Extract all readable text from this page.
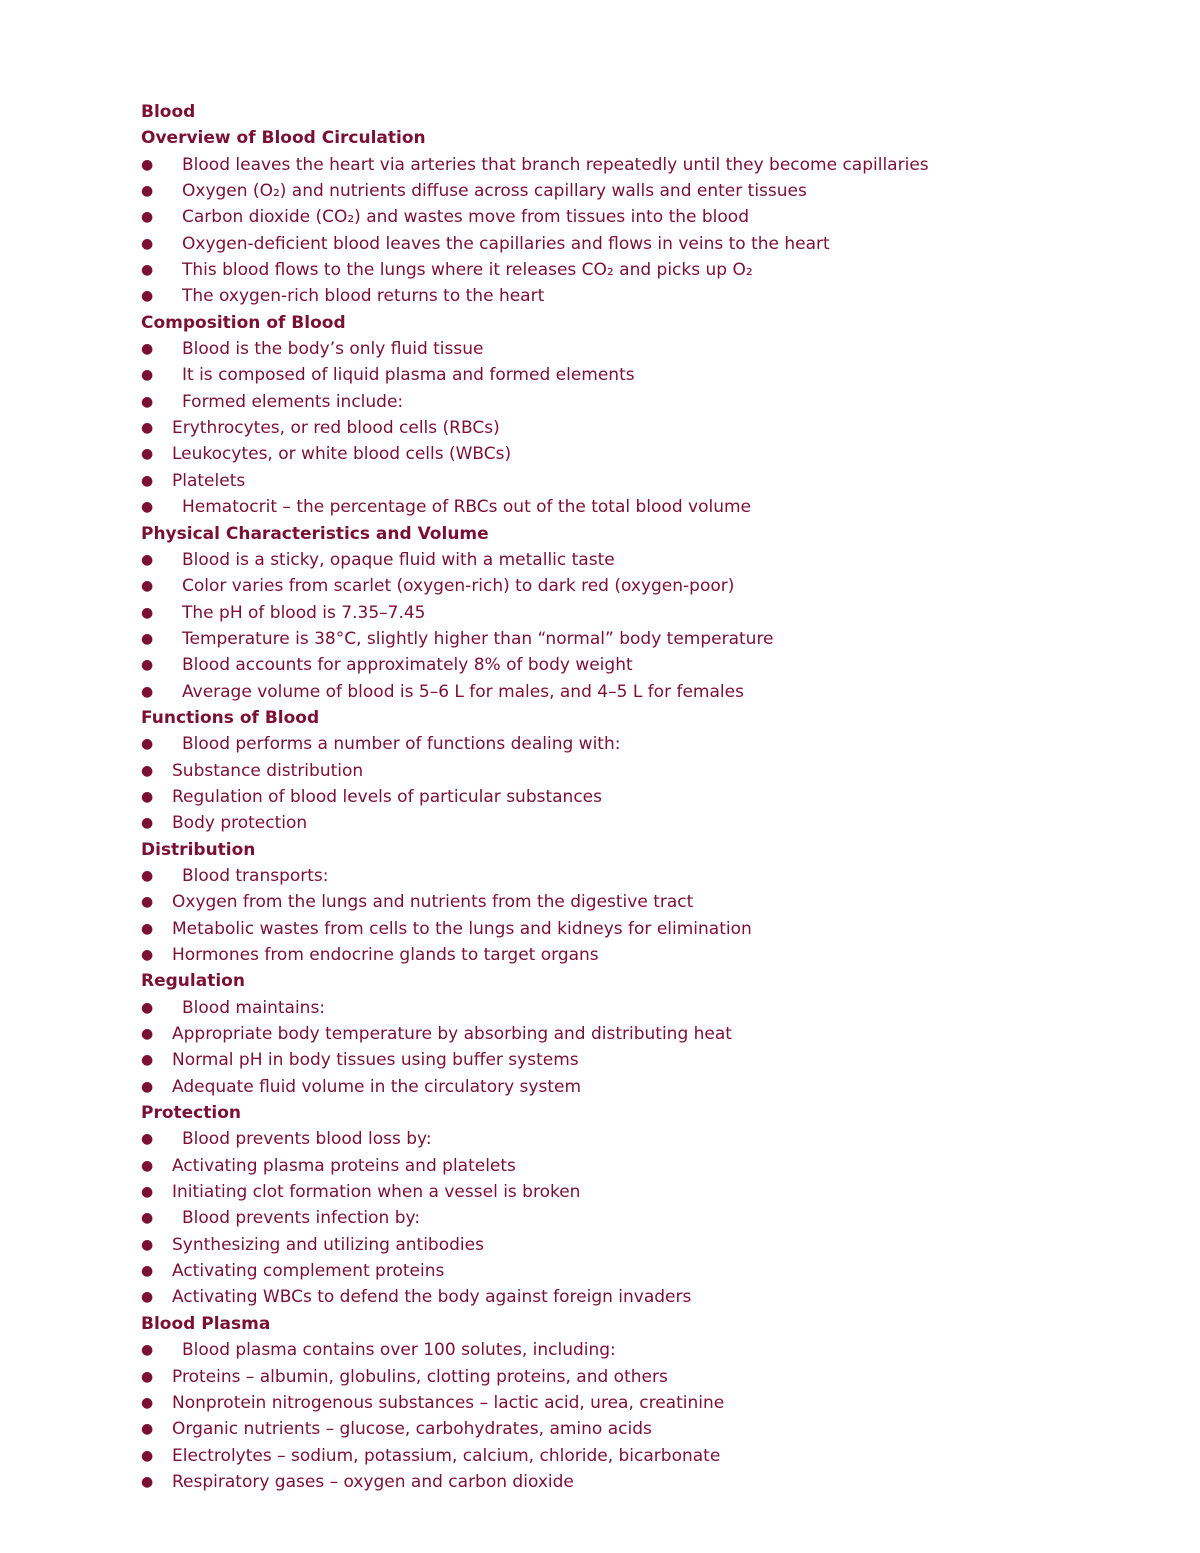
Blood
Overview of Blood Circulation
● Blood leaves the heart via arteries that branch repeatedly until they become capillaries
● Oxygen (O₂) and nutrients diffuse across capillary walls and enter tissues
● Carbon dioxide (CO₂) and wastes move from tissues into the blood
● Oxygen-deficient blood leaves the capillaries and flows in veins to the heart
● This blood flows to the lungs where it releases CO₂ and picks up O₂
● The oxygen-rich blood returns to the heart
Composition of Blood
● Blood is the body’s only fluid tissue
● It is composed of liquid plasma and formed elements
● Formed elements include:
● Erythrocytes, or red blood cells (RBCs)
● Leukocytes, or white blood cells (WBCs)
● Platelets
● Hematocrit – the percentage of RBCs out of the total blood volume
Physical Characteristics and Volume
● Blood is a sticky, opaque fluid with a metallic taste
● Color varies from scarlet (oxygen-rich) to dark red (oxygen-poor)
● The pH of blood is 7.35–7.45
● Temperature is 38°C, slightly higher than “normal” body temperature
● Blood accounts for approximately 8% of body weight
● Average volume of blood is 5–6 L for males, and 4–5 L for females
Functions of Blood
● Blood performs a number of functions dealing with:
● Substance distribution
● Regulation of blood levels of particular substances
● Body protection
Distribution
● Blood transports:
● Oxygen from the lungs and nutrients from the digestive tract
● Metabolic wastes from cells to the lungs and kidneys for elimination
● Hormones from endocrine glands to target organs
Regulation
● Blood maintains:
● Appropriate body temperature by absorbing and distributing heat
● Normal pH in body tissues using buffer systems
● Adequate fluid volume in the circulatory system
Protection
● Blood prevents blood loss by:
● Activating plasma proteins and platelets
● Initiating clot formation when a vessel is broken
● Blood prevents infection by:
● Synthesizing and utilizing antibodies
● Activating complement proteins
● Activating WBCs to defend the body against foreign invaders
Blood Plasma
● Blood plasma contains over 100 solutes, including:
● Proteins – albumin, globulins, clotting proteins, and others
● Nonprotein nitrogenous substances – lactic acid, urea, creatinine
● Organic nutrients – glucose, carbohydrates, amino acids
● Electrolytes – sodium, potassium, calcium, chloride, bicarbonate
● Respiratory gases – oxygen and carbon dioxide
